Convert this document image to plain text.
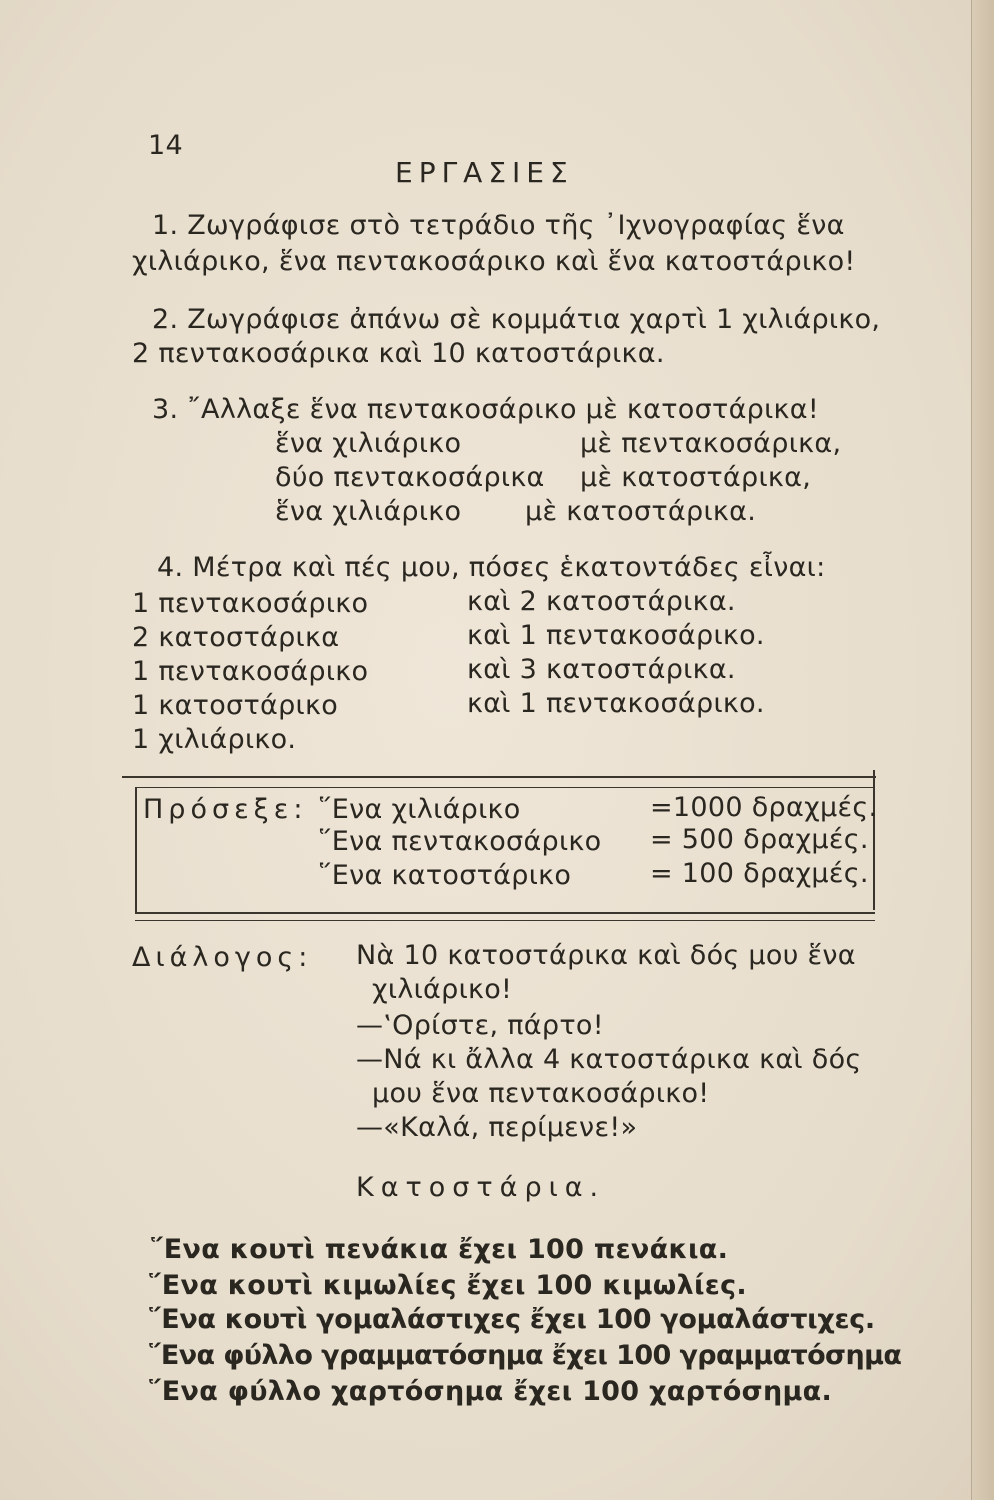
14
ΕΡΓΑΣΙΕΣ
1. Ζωγράφισε στὸ τετράδιο τῆς ᾿Ιχνογραφίας ἕνα
χιλιάρικο, ἕνα πεντακοσάρικο καὶ ἕνα κατοστάρικο!
2. Ζωγράφισε ἀπάνω σὲ κομμάτια χαρτὶ 1 χιλιάρικο,
2 πεντακοσάρικα καὶ 10 κατοστάρικα.
3. ῎Αλλαξε ἕνα πεντακοσάρικο μὲ κατοστάρικα!
ἕνα χιλιάρικο	μὲ πεντακοσάρικα,
δύο πεντακοσάρικα μὲ κατοστάρικα,
ἕνα χιλιάρικο μὲ κατοστάρικα.
4. Μέτρα καὶ πές μου, πόσες ἑκατοντάδες εἶναι:
1 πεντακοσάρικο	καὶ 2 κατοστάρικα.
2 κατοστάρικα	καὶ 1 πεντακοσάρικο.
1 πεντακοσάρικο	καὶ 3 κατοστάρικα.
1 κατοστάρικο	καὶ 1 πεντακοσάρικο.
1 χιλιάρικο.
Πρόσεξε: ῞Ενα χιλιάρικο	=1000 δραχμές.
῞Ενα πεντακοσάρικο = 500 δραχμές.
῞Ενα κατοστάρικο	= 100 δραχμές.
Διάλογος: Νὰ 10 κατοστάρικα καὶ δός μου ἕνα
χιλιάρικο!
—‛Ορίστε, πάρτο!
—Νά κι ἄλλα 4 κατοστάρικα καὶ δός
μου ἕνα πεντακοσάρικο!
—«Καλά, περίμενε!»
Κατοστάρια.
῞Ενα κουτὶ πενάκια ἔχει 100 πενάκια.
῞Ενα κουτὶ κιμωλίες ἔχει 100 κιμωλίες.
῞Ενα κουτὶ γομαλάστιχες ἔχει 100 γομαλάστιχες.
῞Ενα φύλλο γραμματόσημα ἔχει 100 γραμματόσημα
῞Ενα φύλλο χαρτόσημα ἔχει 100 χαρτόσημα.
